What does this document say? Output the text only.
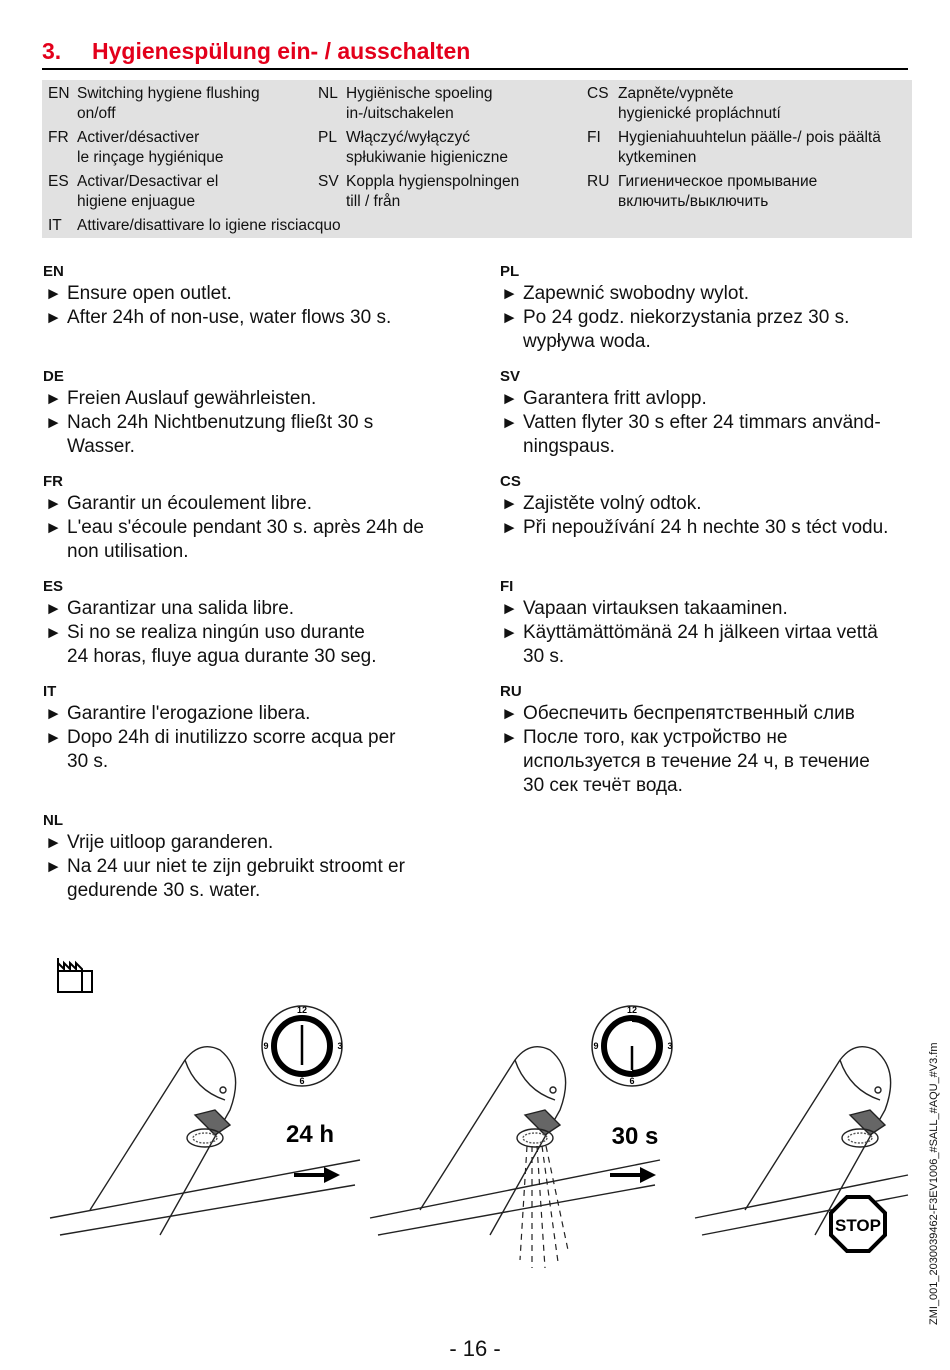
3. Hygienespülung ein- / ausschalten
EN Switching hygiene flushing
on/off
FR Activer/désactiver
le rinçage hygiénique
ES Activar/Desactivar el
higiene enjuague
IT Attivare/disattivare lo igiene risciacquo
NL Hygiënische spoeling
in-/uitschakelen
PL Włączyć/wyłączyć
spłukiwanie higieniczne
SV Koppla hygienspolningen
till / från
CS Zapněte/vypněte
hygienické propláchnutí
FI Hygieniahuuhtelun päälle-/ pois päältä
kytkeminen
RU Гигиеническое промывание
включить/выключить
EN
► Ensure open outlet.
► After 24h of non-use, water flows 30 s.
DE
► Freien Auslauf gewährleisten.
► Nach 24h Nichtbenutzung fließt 30 s
Wasser.
FR
► Garantir un écoulement libre.
► L'eau s'écoule pendant 30 s. après 24h de
non utilisation.
ES
► Garantizar una salida libre.
► Si no se realiza ningún uso durante
24 horas, fluye agua durante 30 seg.
IT
► Garantire l'erogazione libera.
► Dopo 24h di inutilizzo scorre acqua per
30 s.
NL
► Vrije uitloop garanderen.
► Na 24 uur niet te zijn gebruikt stroomt er
gedurende 30 s. water.
PL
► Zapewnić swobodny wylot.
► Po 24 godz. niekorzystania przez 30 s.
wypływa woda.
SV
► Garantera fritt avlopp.
► Vatten flyter 30 s efter 24 timmars använd-
ningspaus.
CS
► Zajistěte volný odtok.
► Při nepoužívání 24 h nechte 30 s téct vodu.
FI
► Vapaan virtauksen takaaminen.
► Käyttämättömänä 24 h jälkeen virtaa vettä
30 s.
RU
► Обеспечить беспрепятственный слив
► После того, как устройство не
используется в течение 24 ч, в течение
30 сек течёт вода.
12
3
6
9
24 h
12
3
6
9
30 s
STOP	ZMI_001_203003946​2-F3EV1006_#SALL_#AQU_#V3.fm
- 16 -
